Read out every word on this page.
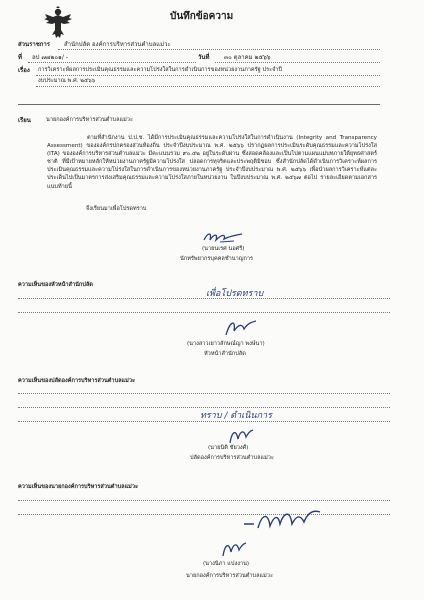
บันทึกข้อความ
ส่วนราชการ สำนักปลัด องค์การบริหารส่วนตำบลแม่วะ
ที่ ลป ๗๗๒๐๑/ -	วันที่ ๓๐ ตุลาคม ๒๕๖๖
เรื่อง การวิเคราะห์ผลการประเมินคุณธรรมและความโปร่งใสในการดำเนินการของหน่วยงานภาครัฐ ประจำปี
งบประมาณ พ.ศ. ๒๕๖๖
เรียน	นายกองค์การบริหารส่วนตำบลแม่วะ
ตามที่สำนักงาน ป.ป.ช. ได้มีการประเมินคุณธรรมและความโปร่งใสในการดำเนินงาน (Integrity and Transparency Assessment) ขององค์กรปกครองส่วนท้องถิ่น ประจำปีงบประมาณ พ.ศ. ๒๕๖๖ ปรากฏผลการประเมินระดับคุณธรรมและความโปร่งใส (ITA) ขององค์การบริหารส่วนตำบลแม่วะ มีคะแนนรวม ๙๐.๕๒ อยู่ในระดับผ่าน ซึ่งสอดคล้องและเป็นไปตามแผนแม่บทภายใต้ยุทธศาสตร์ชาติ ที่มีเป้าหมายหลักให้หน่วยงานภาครัฐมีความโปร่งใส ปลอดการทุจริตและประพฤติมิชอบ ซึ่งสำนักปลัดได้ดำเนินการวิเคราะห์ผลการประเมินคุณธรรมและความโปร่งใสในการดำเนินการของหน่วยงานภาครัฐ ประจำปีงบประมาณ พ.ศ. ๒๕๖๖ เพื่อนำผลการวิเคราะห์แต่ละประเด็นไปเป็นมาตรการส่งเสริมคุณธรรมและความโปร่งใสภายในหน่วยงาน ในปีงบประมาณ พ.ศ. ๒๕๖๗ ต่อไป รายละเอียดตามเอกสารแนบท้ายนี้
จึงเรียนมาเพื่อโปรดทราบ
(นายนเรศ นอศรี)
นักทรัพยากรบุคคลชำนาญการ
ความเห็นของหัวหน้าสำนักปลัด
เพื่อโปรดทราบ
(นางสาวเยาวลักษณ์ญา พงษ์นา)
หัวหน้าสำนักปลัด
ความเห็นของปลัดองค์การบริหารส่วนตำบลแม่วะ
ทราบ / ดำเนินการ
(นายนิติ ชัยวงศ์)
ปลัดองค์การบริหารส่วนตำบลแม่วะ
ความเห็นของนายกองค์การบริหารส่วนตำบลแม่วะ
(นางนิภา แปงงาน)
นายกองค์การบริหารส่วนตำบลแม่วะ
